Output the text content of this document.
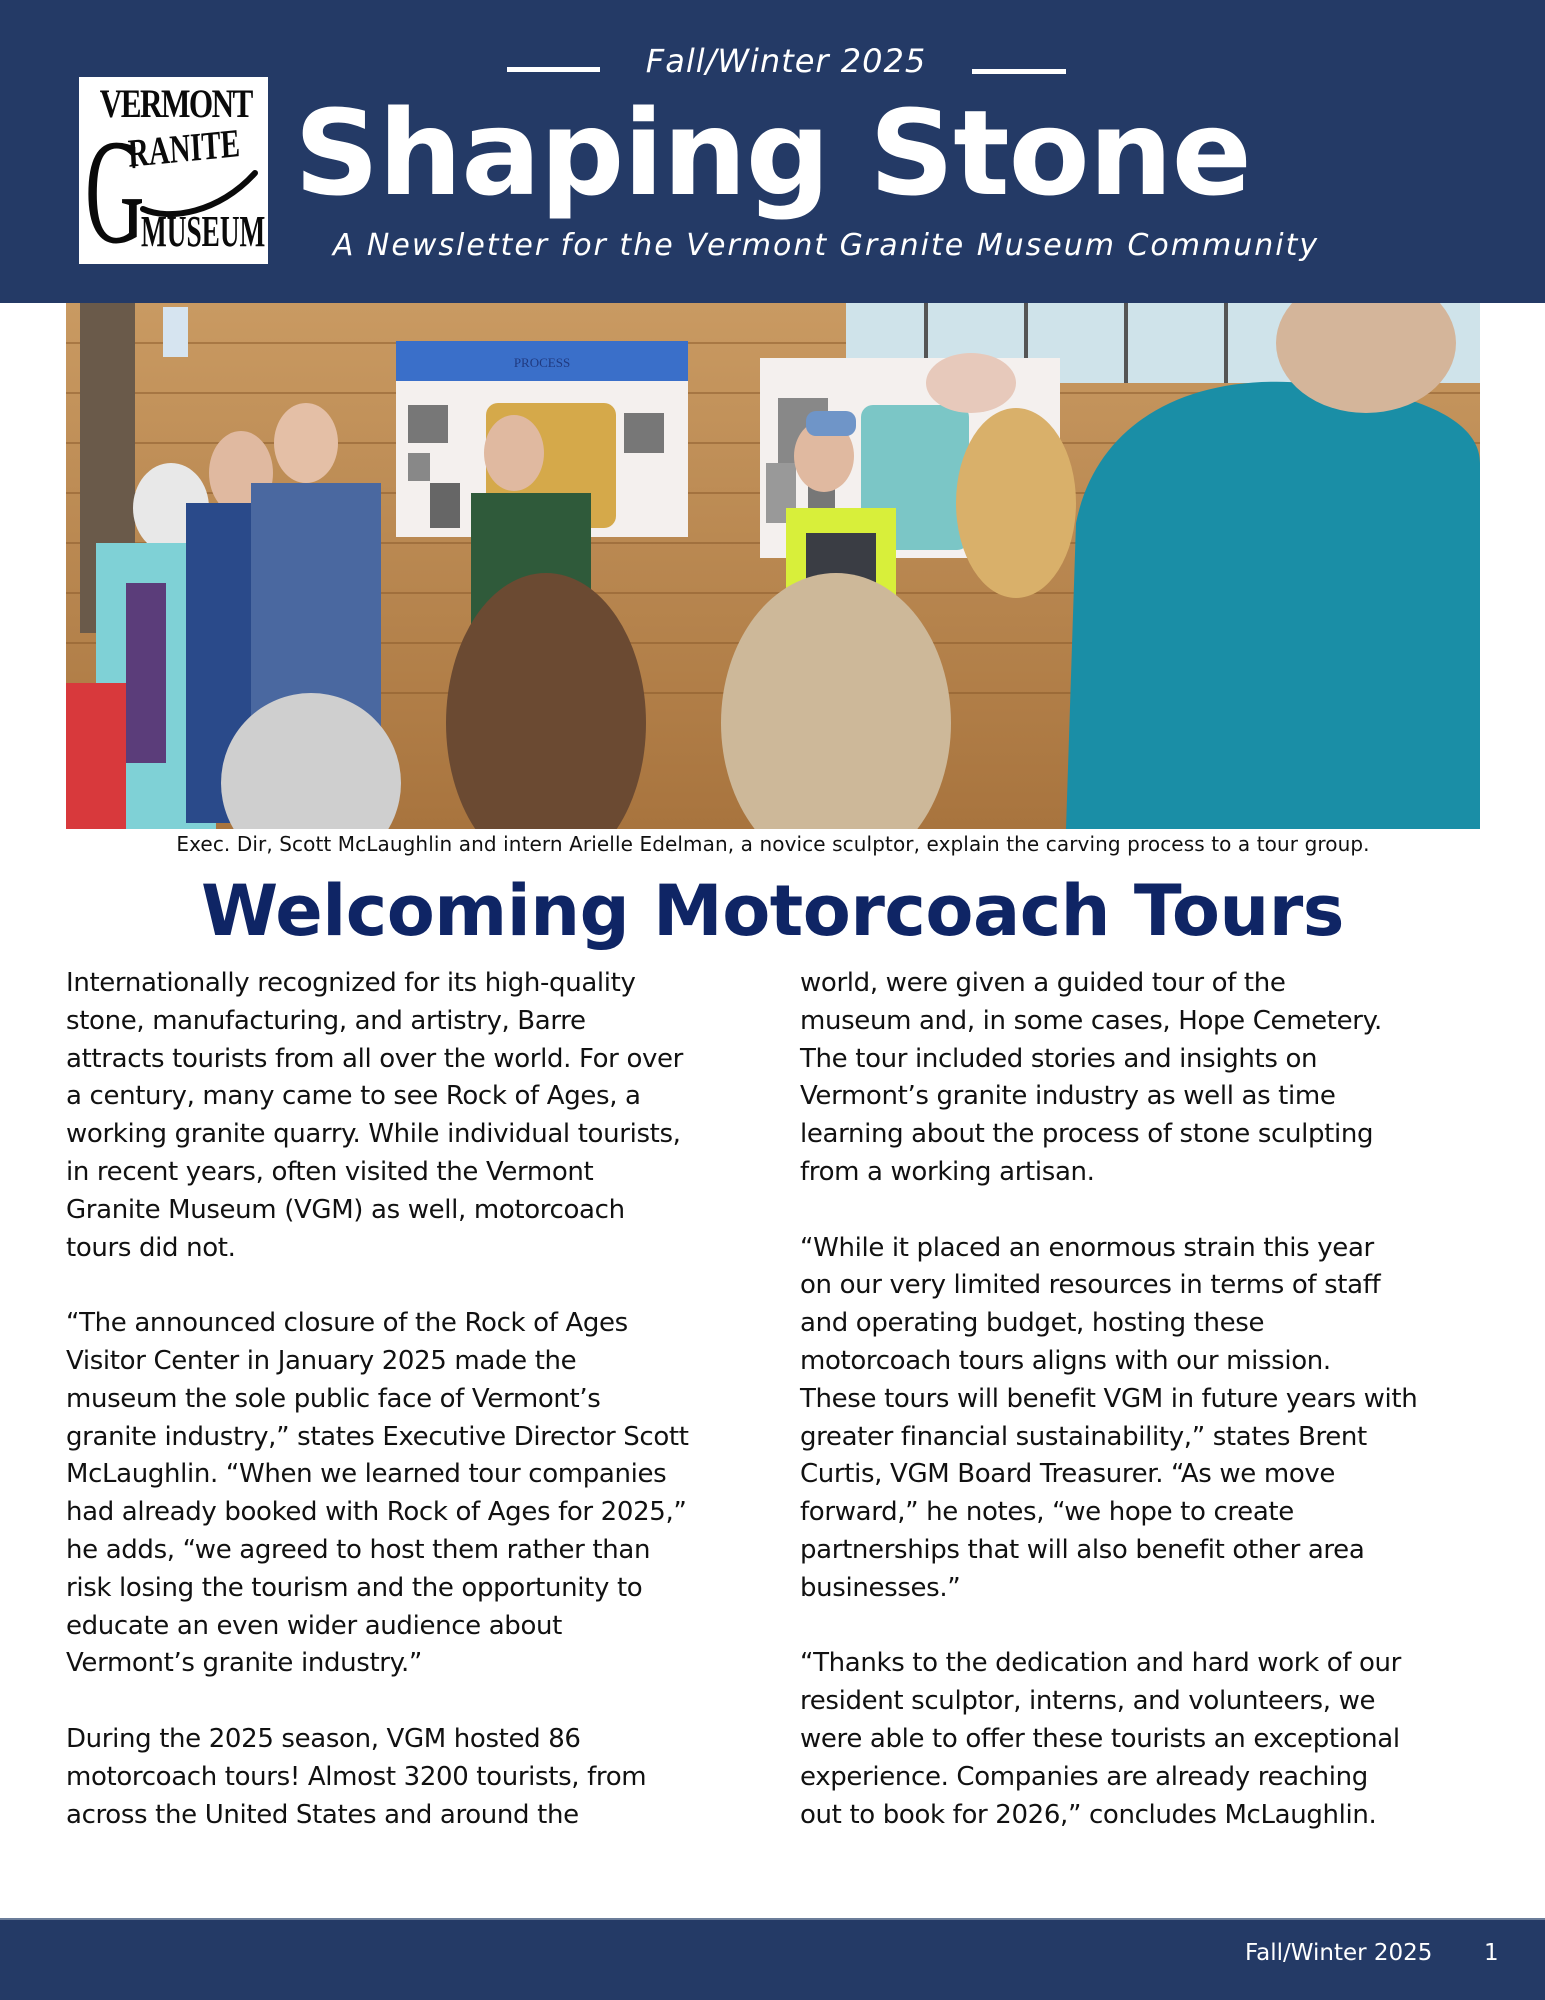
VERMONT
G
RANITE
MUSEUM
Fall/Winter 2025
Shaping Stone
A Newsletter for the Vermont Granite Museum Community
PROCESS
Exec. Dir, Scott McLaughlin and intern Arielle Edelman, a novice sculptor, explain the carving process to a tour group.
Welcoming Motorcoach Tours

Internationally recognized for its high-quality
stone, manufacturing, and artistry, Barre
attracts tourists from all over the world. For over
a century, many came to see Rock of Ages, a
working granite quarry. While individual tourists,
in recent years, often visited the Vermont
Granite Museum (VGM) as well, motorcoach
tours did not.

“The announced closure of the Rock of Ages
Visitor Center in January 2025 made the
museum the sole public face of Vermont’s
granite industry,” states Executive Director Scott
McLaughlin. “When we learned tour companies
had already booked with Rock of Ages for 2025,”
he adds, “we agreed to host them rather than
risk losing the tourism and the opportunity to
educate an even wider audience about
Vermont’s granite industry.”

During the 2025 season, VGM hosted 86
motorcoach tours! Almost 3200 tourists, from
across the United States and around the

world, were given a guided tour of the
museum and, in some cases, Hope Cemetery.
The tour included stories and insights on
Vermont’s granite industry as well as time
learning about the process of stone sculpting
from a working artisan.

“While it placed an enormous strain this year
on our very limited resources in terms of staff
and operating budget, hosting these
motorcoach tours aligns with our mission.
These tours will benefit VGM in future years with
greater financial sustainability,” states Brent
Curtis, VGM Board Treasurer. “As we move
forward,” he notes, “we hope to create
partnerships that will also benefit other area
businesses.”

“Thanks to the dedication and hard work of our
resident sculptor, interns, and volunteers, we
were able to offer these tourists an exceptional
experience. Companies are already reaching
out to book for 2026,” concludes McLaughlin.

Fall/Winter 2025 1
